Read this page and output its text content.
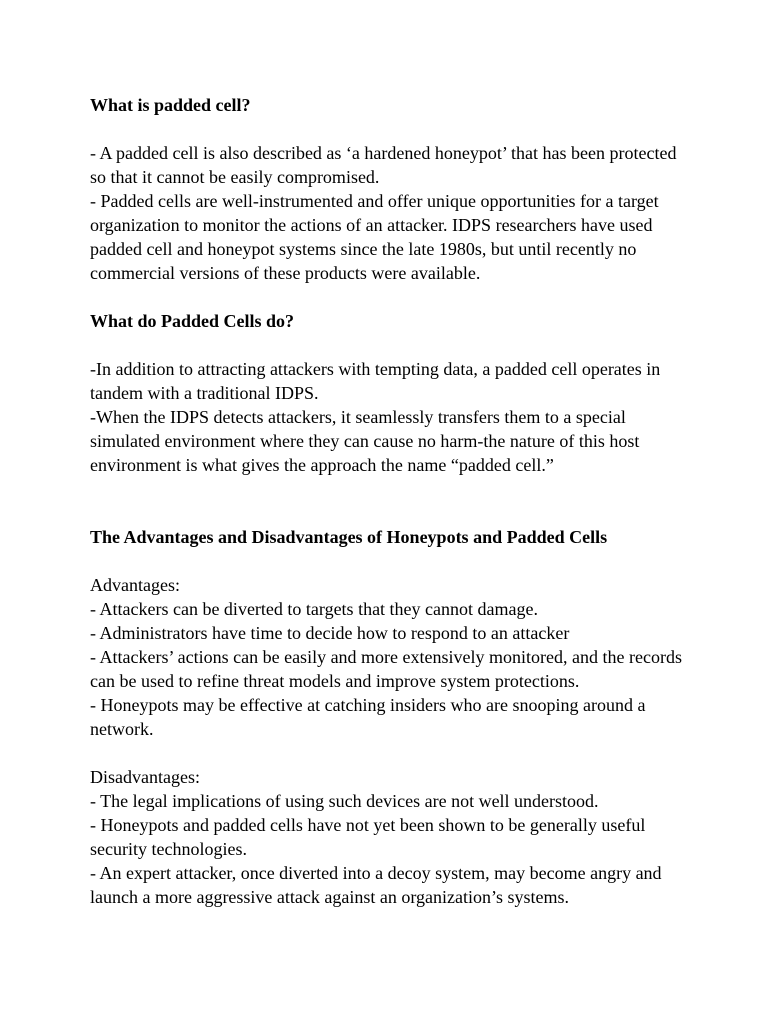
What is padded cell?

- A padded cell is also described as ‘a hardened honeypot’ that has been protected so that it cannot be easily compromised.

- Padded cells are well-instrumented and offer unique opportunities for a target organization to monitor the actions of an attacker. IDPS researchers have used padded cell and honeypot systems since the late 1980s, but until recently no commercial versions of these products were available.

What do Padded Cells do?

-In addition to attracting attackers with tempting data, a padded cell operates in tandem with a traditional IDPS.

-When the IDPS detects attackers, it seamlessly transfers them to a special simulated environment where they can cause no harm-the nature of this host environment is what gives the approach the name “padded cell.”

The Advantages and Disadvantages of Honeypots and Padded Cells

Advantages:

- Attackers can be diverted to targets that they cannot damage.

- Administrators have time to decide how to respond to an attacker

- Attackers’ actions can be easily and more extensively monitored, and the records can be used to refine threat models and improve system protections.

- Honeypots may be effective at catching insiders who are snooping around a network.

Disadvantages:

- The legal implications of using such devices are not well understood.

- Honeypots and padded cells have not yet been shown to be generally useful security technologies.

- An expert attacker, once diverted into a decoy system, may become angry and launch a more aggressive attack against an organization’s systems.
